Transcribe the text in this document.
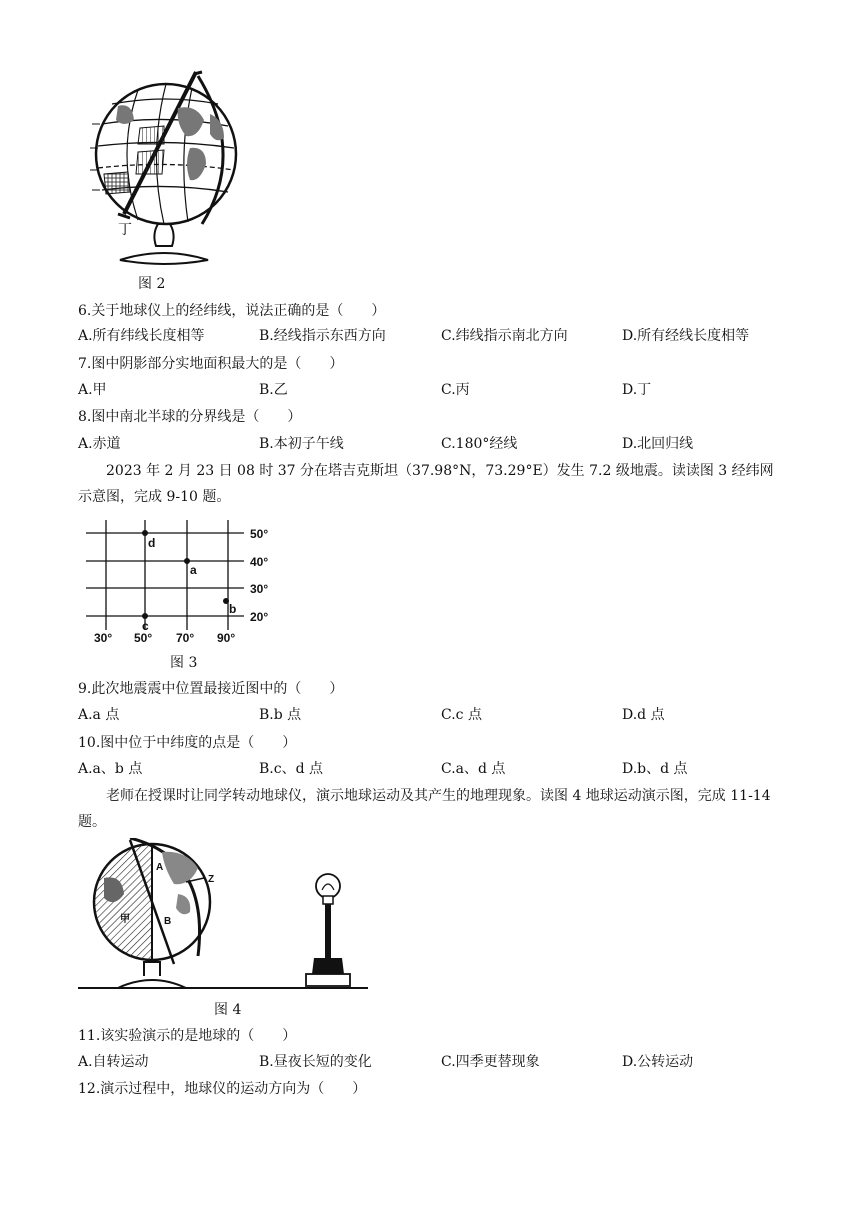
丁
图 2
6.关于地球仪上的经纬线，说法正确的是（　　）
A.所有纬线长度相等	B.经线指示东西方向	C.纬线指示南北方向	D.所有经线长度相等
7.图中阴影部分实地面积最大的是（　　）
A.甲	B.乙	C.丙	D.丁
8.图中南北半球的分界线是（　　）
A.赤道	B.本初子午线	C.180°经线	D.北回归线
2023 年 2 月 23 日 08 时 37 分在塔吉克斯坦（37.98°N，73.29°E）发生 7.2 级地震。读读图 3 经纬网示意图，完成 9-10 题。
50°
40°
30°
20°
30° 50° 70° 90°
d
a
b
c
图 3
9.此次地震震中位置最接近图中的（　　）
A.a 点	B.b 点	C.c 点	D.d 点
10.图中位于中纬度的点是（　　）
A.a、b 点	B.c、d 点	C.a、d 点	D.b、d 点
老师在授课时让同学转动地球仪，演示地球运动及其产生的地理现象。读图 4 地球运动演示图，完成 11-14 题。
A
B
Z
甲
图 4
11.该实验演示的是地球的（　　）
A.自转运动	B.昼夜长短的变化	C.四季更替现象	D.公转运动
12.演示过程中，地球仪的运动方向为（　　）
